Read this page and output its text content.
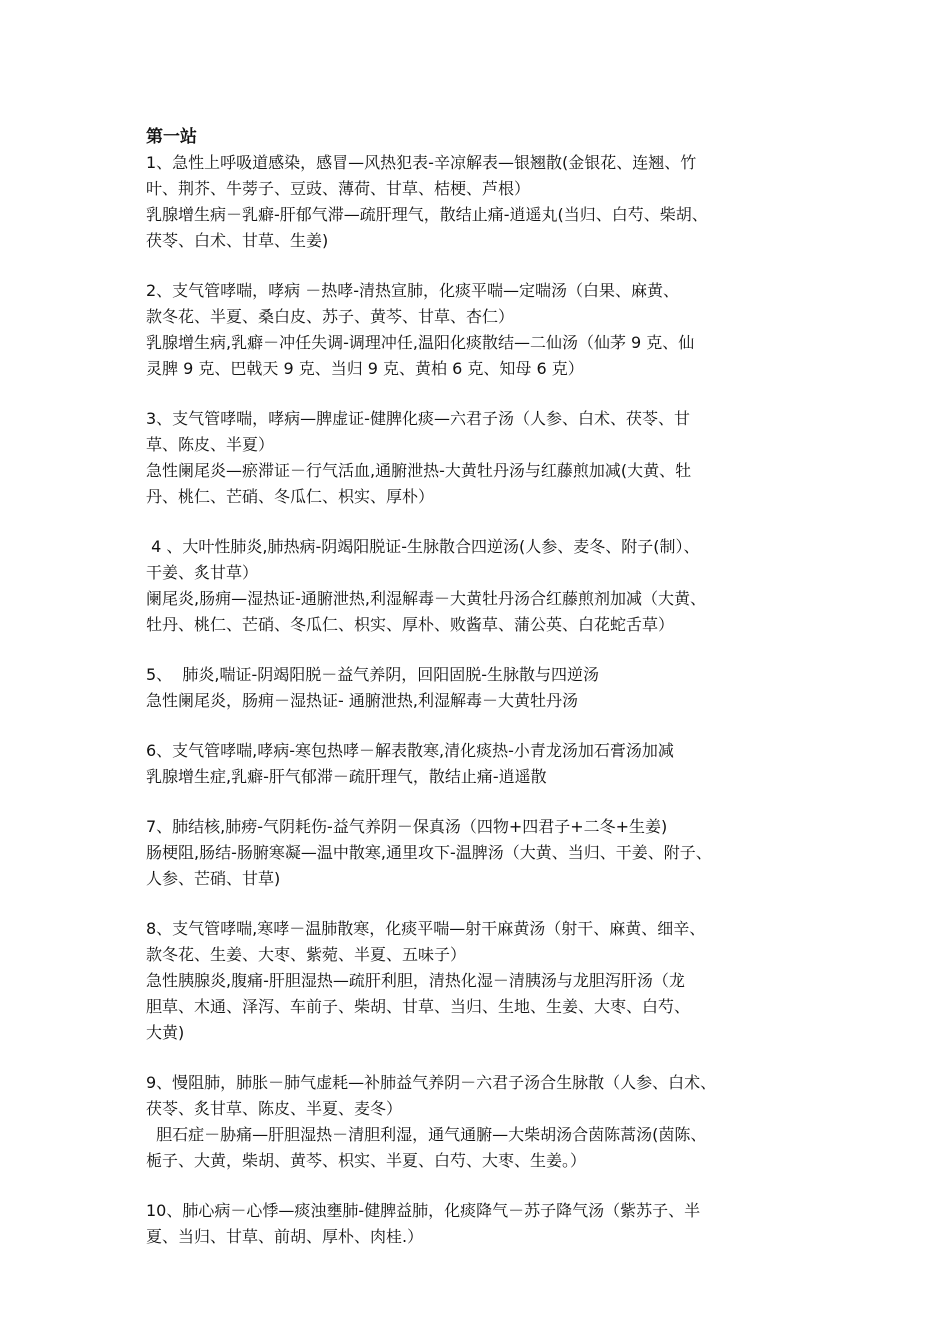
第一站
1、急性上呼吸道感染，感冒—风热犯表-辛凉解表—银翘散(金银花、连翘、竹
叶、荆芥、牛蒡子、豆豉、薄荷、甘草、桔梗、芦根）
乳腺增生病－乳癖-肝郁气滞—疏肝理气，散结止痛-逍遥丸(当归、白芍、柴胡、
茯苓、白术、甘草、生姜)
2、支气管哮喘，哮病 －热哮-清热宣肺，化痰平喘—定喘汤（白果、麻黄、
款冬花、半夏、桑白皮、苏子、黄芩、甘草、杏仁）
乳腺增生病,乳癖－冲任失调-调理冲任,温阳化痰散结—二仙汤（仙茅 9 克、仙
灵脾 9 克、巴戟天 9 克、当归 9 克、黄柏 6 克、知母 6 克）
3、支气管哮喘，哮病—脾虚证-健脾化痰—六君子汤（人参、白术、茯苓、甘
草、陈皮、半夏）
急性阑尾炎—瘀滞证－行气活血,通腑泄热-大黄牡丹汤与红藤煎加减(大黄、牡
丹、桃仁、芒硝、冬瓜仁、枳实、厚朴）
4 、大叶性肺炎,肺热病-阴竭阳脱证-生脉散合四逆汤(人参、麦冬、附子(制）、
干姜、炙甘草）
阑尾炎,肠痈—湿热证-通腑泄热,利湿解毒－大黄牡丹汤合红藤煎剂加减（大黄、
牡丹、桃仁、芒硝、冬瓜仁、枳实、厚朴、败酱草、蒲公英、白花蛇舌草）
5、  肺炎,喘证-阴竭阳脱－益气养阴，回阳固脱-生脉散与四逆汤
急性阑尾炎，肠痈－湿热证- 通腑泄热,利湿解毒－大黄牡丹汤
6、支气管哮喘,哮病-寒包热哮－解表散寒,清化痰热-小青龙汤加石膏汤加减
乳腺增生症,乳癖-肝气郁滞－疏肝理气，散结止痛-逍遥散
7、肺结核,肺痨-气阴耗伤-益气养阴－保真汤（四物+四君子+二冬+生姜)
肠梗阻,肠结-肠腑寒凝—温中散寒,通里攻下-温脾汤（大黄、当归、干姜、附子、
人参、芒硝、甘草)
8、支气管哮喘,寒哮－温肺散寒，化痰平喘—射干麻黄汤（射干、麻黄、细辛、
款冬花、生姜、大枣、紫菀、半夏、五味子）
急性胰腺炎,腹痛-肝胆湿热—疏肝利胆，清热化湿－清胰汤与龙胆泻肝汤（龙
胆草、木通、泽泻、车前子、柴胡、甘草、当归、生地、生姜、大枣、白芍、
大黄)
9、慢阻肺，肺胀－肺气虚耗—补肺益气养阴－六君子汤合生脉散（人参、白术、
茯苓、炙甘草、陈皮、半夏、麦冬）
胆石症－胁痛—肝胆湿热－清胆利湿，通气通腑—大柴胡汤合茵陈蒿汤(茵陈、
栀子、大黄，柴胡、黄芩、枳实、半夏、白芍、大枣、生姜。）
10、肺心病－心悸—痰浊壅肺-健脾益肺，化痰降气－苏子降气汤（紫苏子、半
夏、当归、甘草、前胡、厚朴、肉桂.）
